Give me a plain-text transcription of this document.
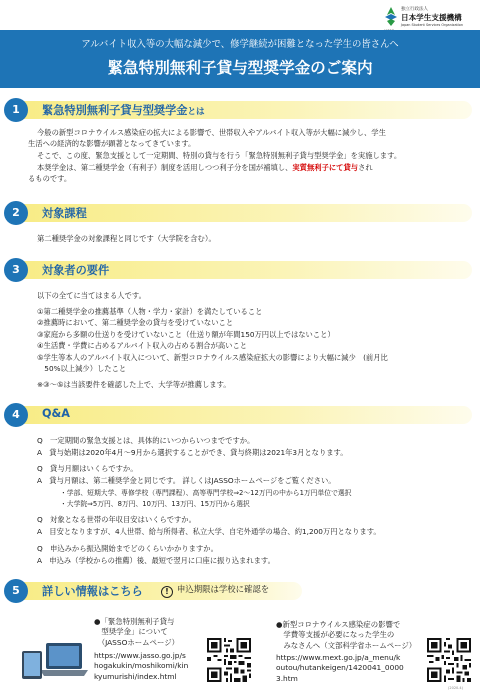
独立行政法人
日本学生支援機構
Japan Student Services Organization
アルバイト収入等の大幅な減少で、修学継続が困難となった学生の皆さんへ
緊急特別無利子貸与型奨学金のご案内
1	緊急特別無利子貸与型奨学金とは
今般の新型コロナウイルス感染症の拡大による影響で、世帯収入やアルバイト収入等が大幅に減少し、学生
生活への経済的な影響が顕著となってきています。
そこで、この度、緊急支援として一定期間、特別の貸与を行う「緊急特別無利子貸与型奨学金」を実施します。
本奨学金は、第二種奨学金（有利子）制度を活用しつつ利子分を国が補填し、実質無利子にて貸与され
るものです。
2	対象課程
第二種奨学金の対象課程と同じです（大学院を含む）。
3	対象者の要件
以下の全てに当てはまる人です。
①第二種奨学金の推薦基準（人物・学力・家計）を満たしていること
②推薦時において、第二種奨学金の貸与を受けていないこと
③家庭から多額の仕送りを受けていないこと（仕送り額が年間150万円以上ではないこと）
④生活費・学費に占めるアルバイト収入の占める割合が高いこと
⑤学生等本人のアルバイト収入について、新型コロナウイルス感染症拡大の影響により大幅に減少　(前月比
　50%以上減少）したこと
※③～⑤は当該要件を確認した上で、大学等が推薦します。
4	Q&A
Q　一定期間の緊急支援とは、具体的にいつからいつまでですか。
A　貸与始期は2020年4月～9月から選択することができ、貸与終期は2021年3月となります。
Q　貸与月額はいくらですか。
A　貸与月額は、第二種奨学金と同じです。 詳しくはJASSOホームページをご覧ください。
・学部、短期大学、専修学校（専門課程）、高等専門学校⇒2～12万円の中から1万円単位で選択
・大学院⇒5万円、8万円、10万円、13万円、15万円から選択
Q　対象となる世帯の年収目安はいくらですか。
A　目安となりますが、4人世帯、給与所得者、私立大学、自宅外通学の場合、約1,200万円となります。
Q　申込みから振込開始までどのくらいかかりますか。
A　申込み（学校からの推薦）後、最短で翌月に口座に振り込まれます。
5	詳しい情報はこちら	! 申込期限は学校に確認を
●「緊急特別無利子貸与
　型奨学金」について
　（JASSOホームページ）
https://www.jasso.go.jp/s
hogakukin/moshikomi/kin
kyumurishi/index.html
●新型コロナウイルス感染症の影響で
　学費等支援が必要になった学生の
　みなさんへ（文部科学省ホームページ）
https://www.mext.go.jp/a_menu/k
outou/hutankeigen/1420041_0000
3.htm
(2020.4)
